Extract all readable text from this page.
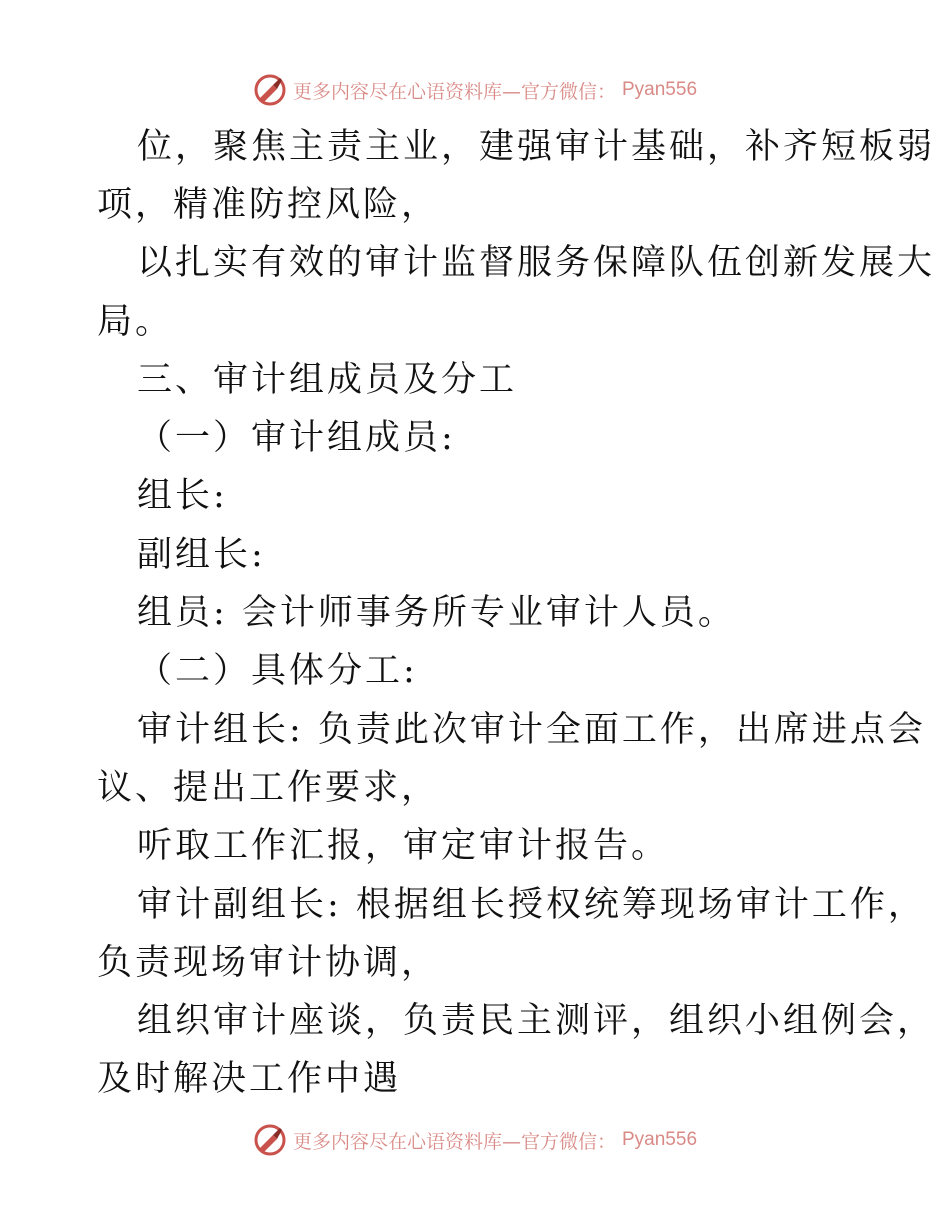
更多内容尽在心语资料库—官方微信： Pyan556
位，聚焦主责主业，建强审计基础，补齐短板弱
项，精准防控风险，
以扎实有效的审计监督服务保障队伍创新发展大
局。
三、审计组成员及分工
（一）审计组成员:
组长:
副组长:
组员: 会计师事务所专业审计人员。
（二）具体分工:
审计组长: 负责此次审计全面工作，出席进点会
议、提出工作要求，
听取工作汇报，审定审计报告。
审计副组长: 根据组长授权统筹现场审计工作，
负责现场审计协调，
组织审计座谈，负责民主测评，组织小组例会，
及时解决工作中遇
更多内容尽在心语资料库—官方微信： Pyan556
